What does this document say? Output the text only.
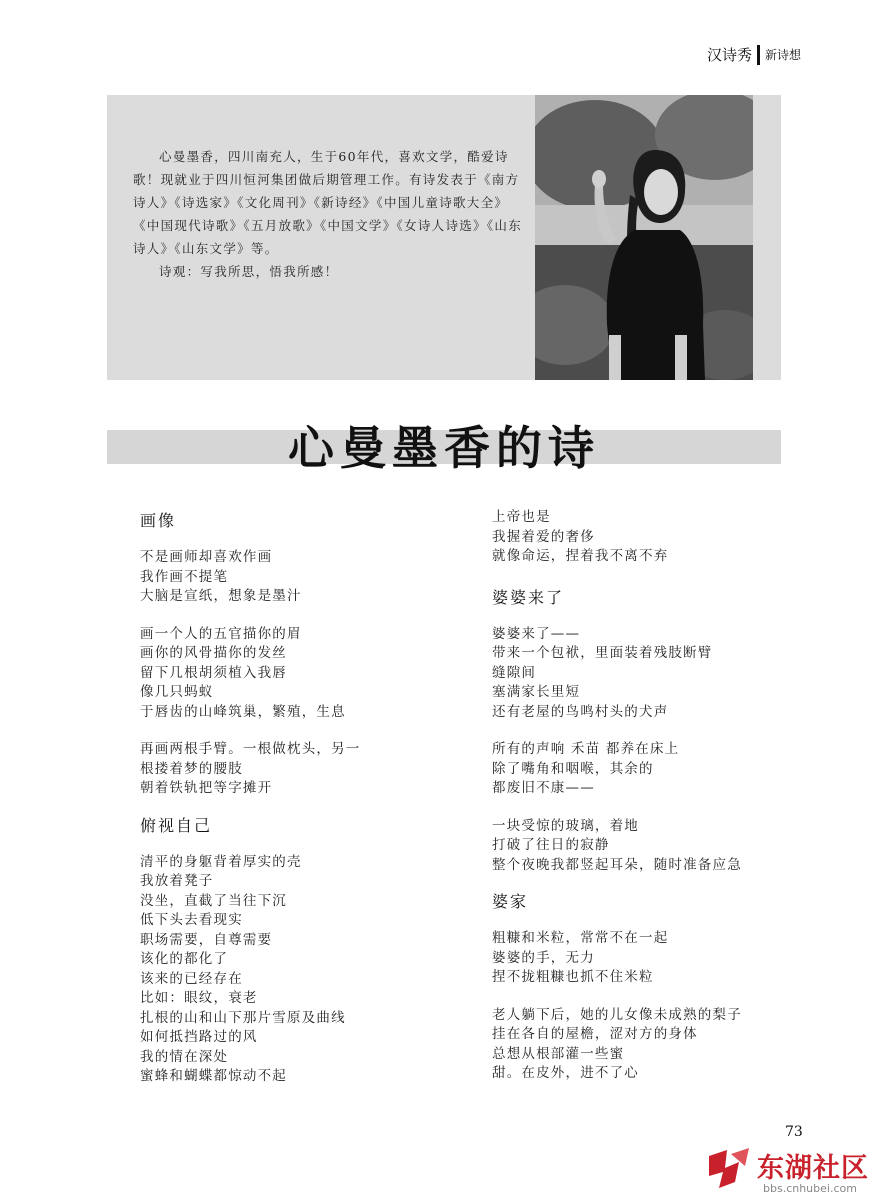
汉诗秀 新诗想

心曼墨香，四川南充人，生于60年代，喜欢文学，酷爱诗歌！现就业于四川恒河集团做后期管理工作。有诗发表于《南方诗人》《诗选家》《文化周刊》《新诗经》《中国儿童诗歌大全》《中国现代诗歌》《五月放歌》《中国文学》《女诗人诗选》《山东诗人》《山东文学》等。

诗观：写我所思，悟我所感！

心曼墨香的诗
画像
不是画师却喜欢作画
我作画不提笔
大脑是宣纸，想象是墨汁
画一个人的五官描你的眉
画你的风骨描你的发丝
留下几根胡须植入我唇
像几只蚂蚁
于唇齿的山峰筑巢，繁殖，生息
再画两根手臂。一根做枕头，另一
根搂着梦的腰肢
朝着铁轨把等字摊开
俯视自己
清平的身躯背着厚实的壳
我放着凳子
没坐，直截了当往下沉
低下头去看现实
职场需要，自尊需要
该化的都化了
该来的已经存在
比如：眼纹，衰老
扎根的山和山下那片雪原及曲线
如何抵挡路过的风
我的情在深处
蜜蜂和蝴蝶都惊动不起
上帝也是
我握着爱的奢侈
就像命运，捏着我不离不弃
婆婆来了
婆婆来了——
带来一个包袱，里面装着残肢断臂
缝隙间
塞满家长里短
还有老屋的鸟鸣村头的犬声
所有的声响 禾苗 都养在床上
除了嘴角和咽喉，其余的
都废旧不康——
一块受惊的玻璃，着地
打破了往日的寂静
整个夜晚我都竖起耳朵，随时准备应急
婆家
粗糠和米粒，常常不在一起
婆婆的手，无力
捏不拢粗糠也抓不住米粒
老人躺下后，她的儿女像未成熟的梨子
挂在各自的屋檐，涩对方的身体
总想从根部灌一些蜜
甜。在皮外，进不了心
73
东湖社区
bbs.cnhubei.com
